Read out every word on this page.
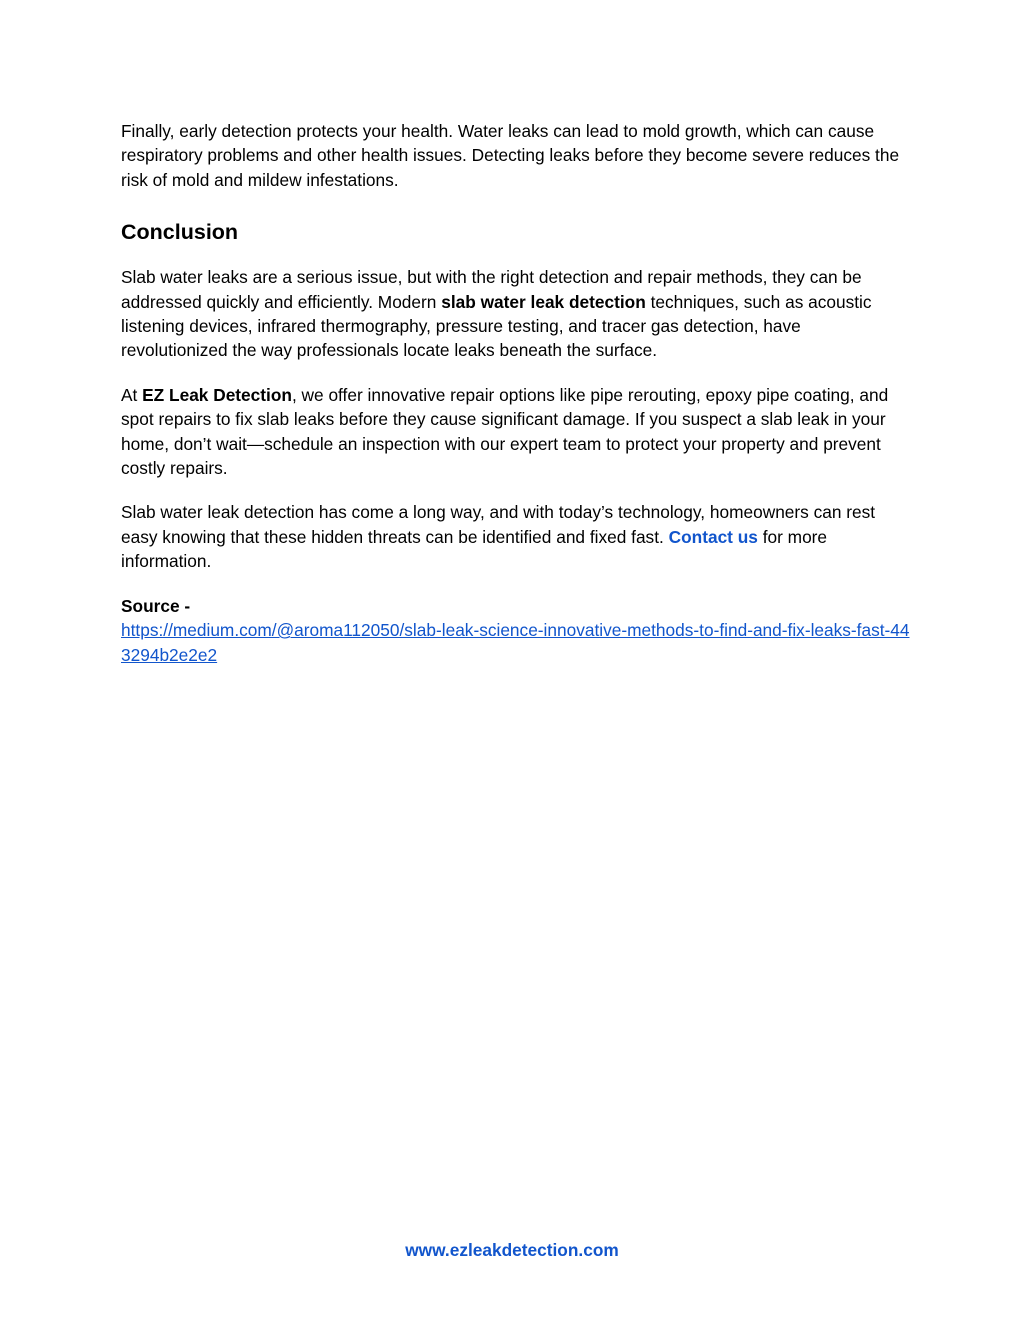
Finally, early detection protects your health. Water leaks can lead to mold growth, which can cause respiratory problems and other health issues. Detecting leaks before they become severe reduces the risk of mold and mildew infestations.

Conclusion

Slab water leaks are a serious issue, but with the right detection and repair methods, they can be addressed quickly and efficiently. Modern slab water leak detection techniques, such as acoustic listening devices, infrared thermography, pressure testing, and tracer gas detection, have revolutionized the way professionals locate leaks beneath the surface.

At EZ Leak Detection, we offer innovative repair options like pipe rerouting, epoxy pipe coating, and spot repairs to fix slab leaks before they cause significant damage. If you suspect a slab leak in your home, don’t wait—schedule an inspection with our expert team to protect your property and prevent costly repairs.

Slab water leak detection has come a long way, and with today’s technology, homeowners can rest easy knowing that these hidden threats can be identified and fixed fast. Contact us for more information.

Source -
https://medium.com/@aroma112050/slab-leak-science-innovative-methods-to-find-and-fix-leaks-fast-443294b2e2e2

www.ezleakdetection.com
